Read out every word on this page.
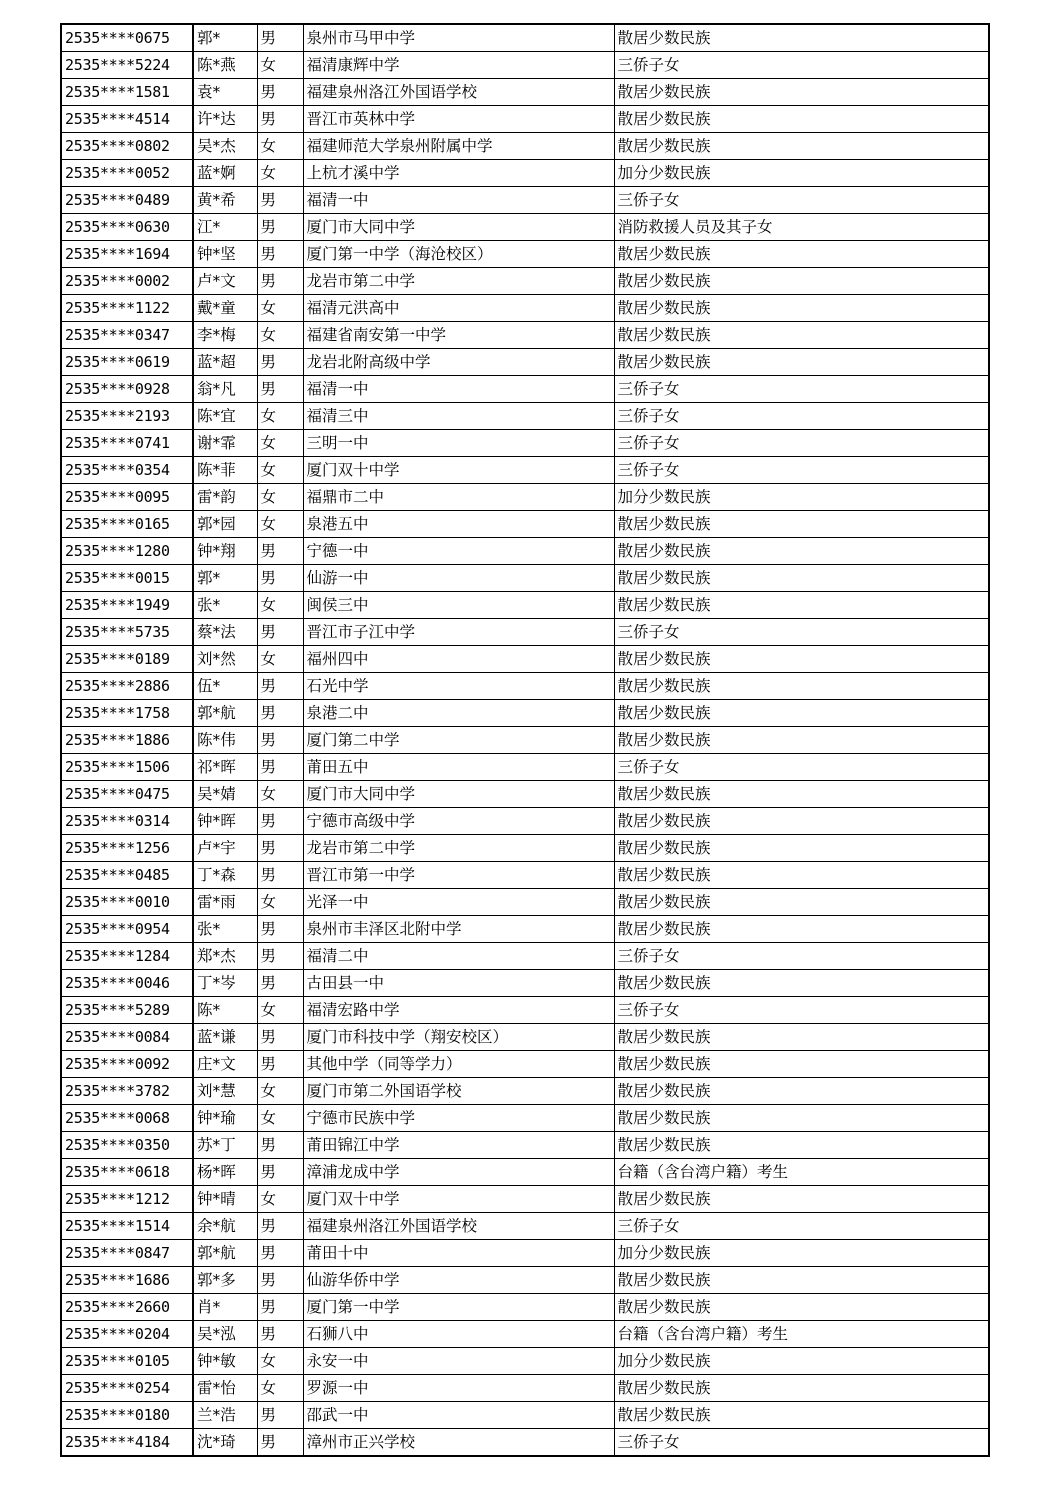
2535****0675	郭*	男	泉州市马甲中学	散居少数民族
2535****5224	陈*燕	女	福清康辉中学	三侨子女
2535****1581	袁*	男	福建泉州洛江外国语学校	散居少数民族
2535****4514	许*达	男	晋江市英林中学	散居少数民族
2535****0802	吴*杰	女	福建师范大学泉州附属中学	散居少数民族
2535****0052	蓝*婀	女	上杭才溪中学	加分少数民族
2535****0489	黄*希	男	福清一中	三侨子女
2535****0630	江*	男	厦门市大同中学	消防救援人员及其子女
2535****1694	钟*坚	男	厦门第一中学（海沧校区）	散居少数民族
2535****0002	卢*文	男	龙岩市第二中学	散居少数民族
2535****1122	戴*童	女	福清元洪高中	散居少数民族
2535****0347	李*梅	女	福建省南安第一中学	散居少数民族
2535****0619	蓝*超	男	龙岩北附高级中学	散居少数民族
2535****0928	翁*凡	男	福清一中	三侨子女
2535****2193	陈*宜	女	福清三中	三侨子女
2535****0741	谢*霏	女	三明一中	三侨子女
2535****0354	陈*菲	女	厦门双十中学	三侨子女
2535****0095	雷*韵	女	福鼎市二中	加分少数民族
2535****0165	郭*园	女	泉港五中	散居少数民族
2535****1280	钟*翔	男	宁德一中	散居少数民族
2535****0015	郭*	男	仙游一中	散居少数民族
2535****1949	张*	女	闽侯三中	散居少数民族
2535****5735	蔡*法	男	晋江市子江中学	三侨子女
2535****0189	刘*然	女	福州四中	散居少数民族
2535****2886	伍*	男	石光中学	散居少数民族
2535****1758	郭*航	男	泉港二中	散居少数民族
2535****1886	陈*伟	男	厦门第二中学	散居少数民族
2535****1506	祁*晖	男	莆田五中	三侨子女
2535****0475	吴*婧	女	厦门市大同中学	散居少数民族
2535****0314	钟*晖	男	宁德市高级中学	散居少数民族
2535****1256	卢*宇	男	龙岩市第二中学	散居少数民族
2535****0485	丁*森	男	晋江市第一中学	散居少数民族
2535****0010	雷*雨	女	光泽一中	散居少数民族
2535****0954	张*	男	泉州市丰泽区北附中学	散居少数民族
2535****1284	郑*杰	男	福清二中	三侨子女
2535****0046	丁*岑	男	古田县一中	散居少数民族
2535****5289	陈*	女	福清宏路中学	三侨子女
2535****0084	蓝*谦	男	厦门市科技中学（翔安校区）	散居少数民族
2535****0092	庄*文	男	其他中学（同等学力）	散居少数民族
2535****3782	刘*慧	女	厦门市第二外国语学校	散居少数民族
2535****0068	钟*瑜	女	宁德市民族中学	散居少数民族
2535****0350	苏*丁	男	莆田锦江中学	散居少数民族
2535****0618	杨*晖	男	漳浦龙成中学	台籍（含台湾户籍）考生
2535****1212	钟*晴	女	厦门双十中学	散居少数民族
2535****1514	余*航	男	福建泉州洛江外国语学校	三侨子女
2535****0847	郭*航	男	莆田十中	加分少数民族
2535****1686	郭*多	男	仙游华侨中学	散居少数民族
2535****2660	肖*	男	厦门第一中学	散居少数民族
2535****0204	吴*泓	男	石狮八中	台籍（含台湾户籍）考生
2535****0105	钟*敏	女	永安一中	加分少数民族
2535****0254	雷*怡	女	罗源一中	散居少数民族
2535****0180	兰*浩	男	邵武一中	散居少数民族
2535****4184	沈*琦	男	漳州市正兴学校	三侨子女
